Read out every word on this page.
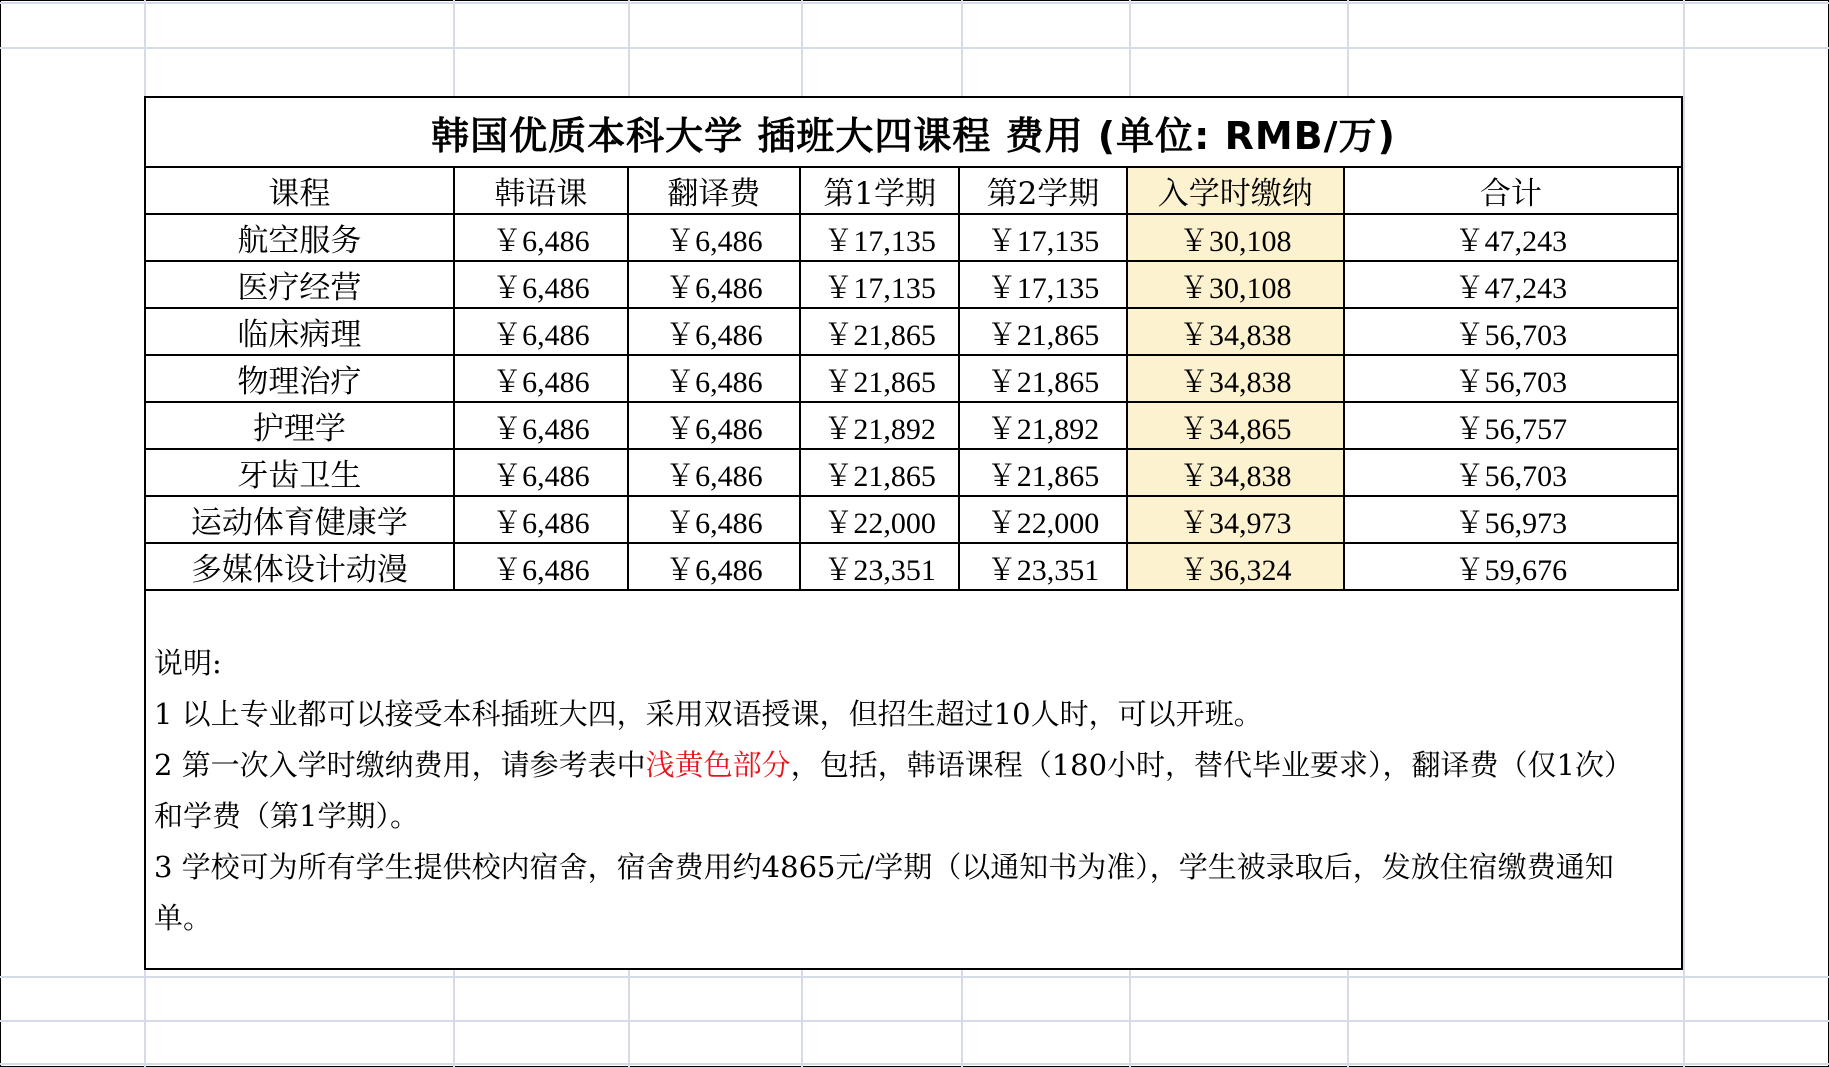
韩国优质本科大学 插班大四课程 费用 (单位: RMB/万)
课程	韩语课	翻译费	第1学期	第2学期	入学时缴纳	合计
航空服务	￥6,486	￥6,486	￥17,135	￥17,135	￥30,108	￥47,243
医疗经营	￥6,486	￥6,486	￥17,135	￥17,135	￥30,108	￥47,243
临床病理	￥6,486	￥6,486	￥21,865	￥21,865	￥34,838	￥56,703
物理治疗	￥6,486	￥6,486	￥21,865	￥21,865	￥34,838	￥56,703
护理学	￥6,486	￥6,486	￥21,892	￥21,892	￥34,865	￥56,757
牙齿卫生	￥6,486	￥6,486	￥21,865	￥21,865	￥34,838	￥56,703
运动体育健康学	￥6,486	￥6,486	￥22,000	￥22,000	￥34,973	￥56,973
多媒体设计动漫	￥6,486	￥6,486	￥23,351	￥23,351	￥36,324	￥59,676

说明:

1 以上专业都可以接受本科插班大四，采用双语授课，但招生超过10人时，可以开班。

2 第一次入学时缴纳费用，请参考表中浅黄色部分，包括，韩语课程（180小时，替代毕业要求），翻译费（仅1次）和学费（第1学期）。

3 学校可为所有学生提供校内宿舍，宿舍费用约4865元/学期（以通知书为准），学生被录取后，发放住宿缴费通知单。
